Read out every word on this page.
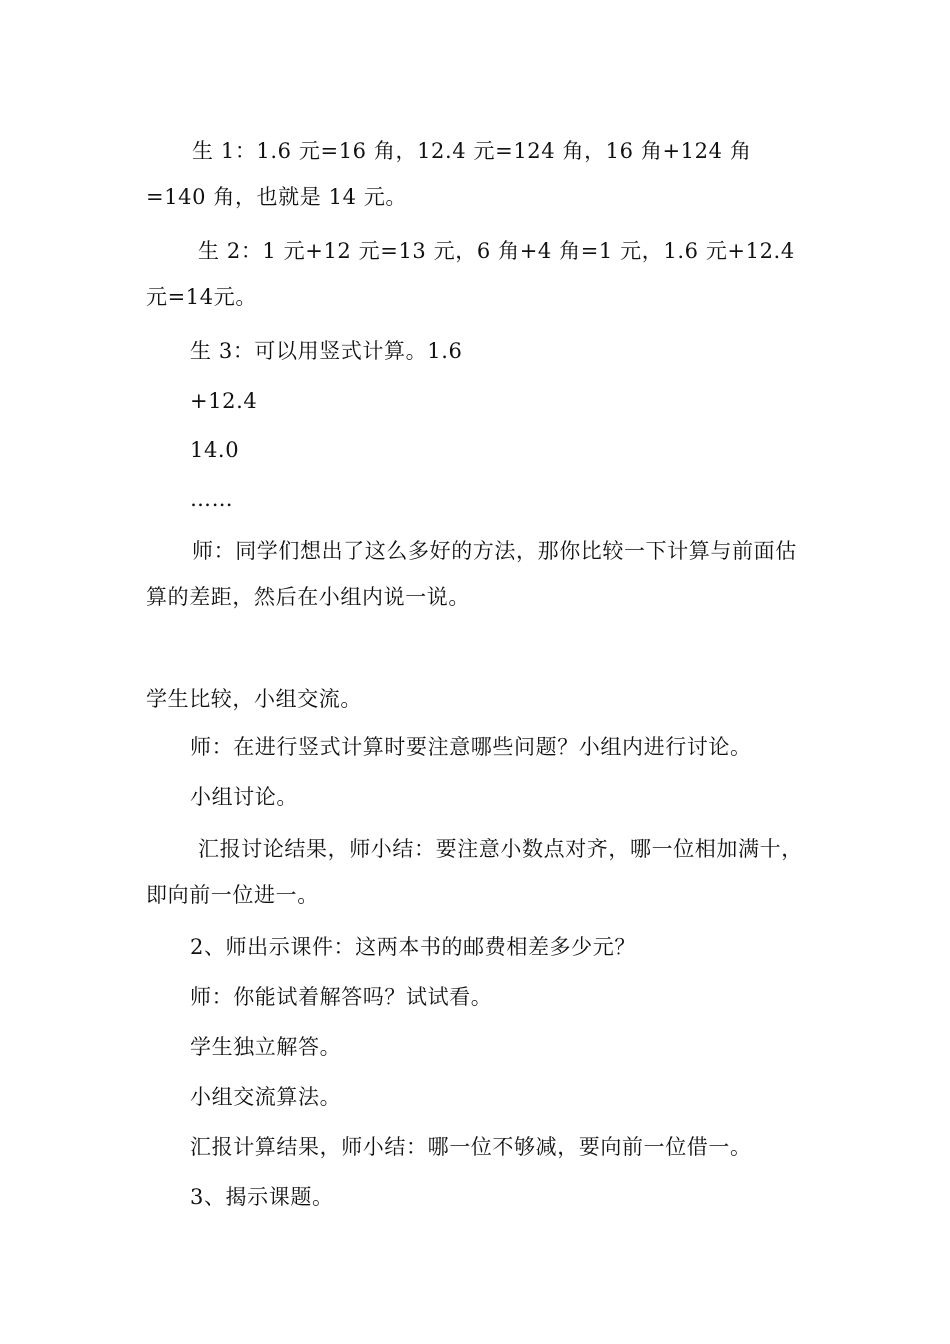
生 1：1.6 元=16 角，12.4 元=124 角，16 角+124 角=140 角，也就是 14 元。

生 2：1 元+12 元=13 元，6 角+4 角=1 元，1.6 元+12.4 元=14元。

生 3：可以用竖式计算。1.6

+12.4

14.0

……

师：同学们想出了这么多好的方法，那你比较一下计算与前面估算的差距，然后在小组内说一说。

学生比较，小组交流。

师：在进行竖式计算时要注意哪些问题？小组内进行讨论。

小组讨论。

汇报讨论结果，师小结：要注意小数点对齐，哪一位相加满十，即向前一位进一。

2、师出示课件：这两本书的邮费相差多少元？

师：你能试着解答吗？试试看。

学生独立解答。

小组交流算法。

汇报计算结果，师小结：哪一位不够减，要向前一位借一。

3、揭示课题。
